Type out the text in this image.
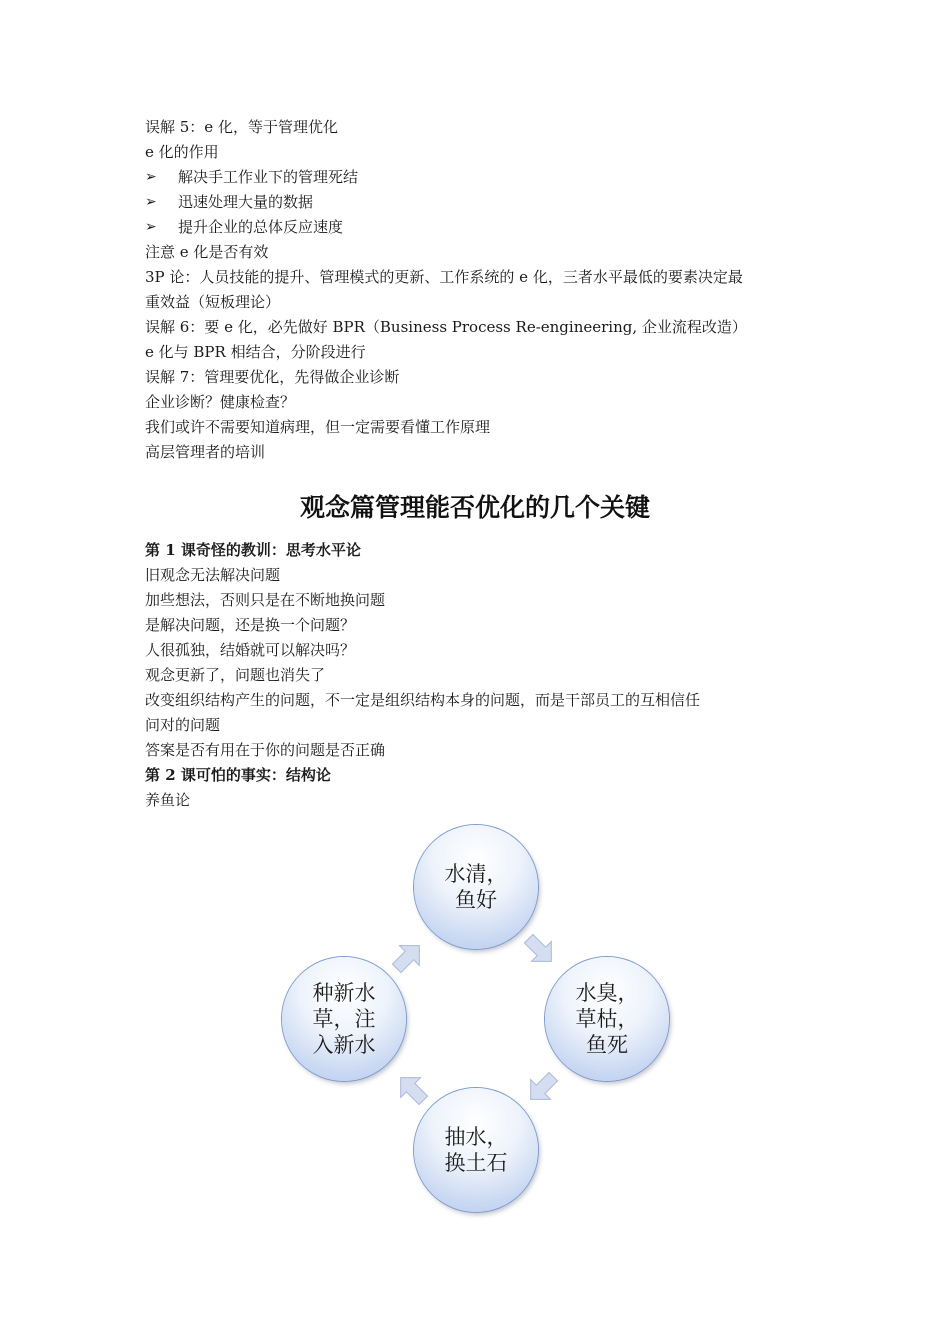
误解 5：e 化，等于管理优化
e 化的作用
➢	解决手工作业下的管理死结
➢	迅速处理大量的数据
➢	提升企业的总体反应速度
注意 e 化是否有效
3P 论：人员技能的提升、管理模式的更新、工作系统的 e 化，三者水平最低的要素决定最
重效益（短板理论）
误解 6：要 e 化，必先做好 BPR（Business Process Re-engineering, 企业流程改造）
e 化与 BPR 相结合，分阶段进行
误解 7：管理要优化，先得做企业诊断
企业诊断？健康检查？
我们或许不需要知道病理，但一定需要看懂工作原理
高层管理者的培训
观念篇管理能否优化的几个关键
第 1 课奇怪的教训：思考水平论
旧观念无法解决问题
加些想法，否则只是在不断地换问题
是解决问题，还是换一个问题？
人很孤独，结婚就可以解决吗？
观念更新了，问题也消失了
改变组织结构产生的问题，不一定是组织结构本身的问题，而是干部员工的互相信任
问对的问题
答案是否有用在于你的问题是否正确
第 2 课可怕的事实：结构论
养鱼论
水清，
鱼好
水臭，
草枯，
鱼死
抽水，
换土石
种新水
草，注
入新水
